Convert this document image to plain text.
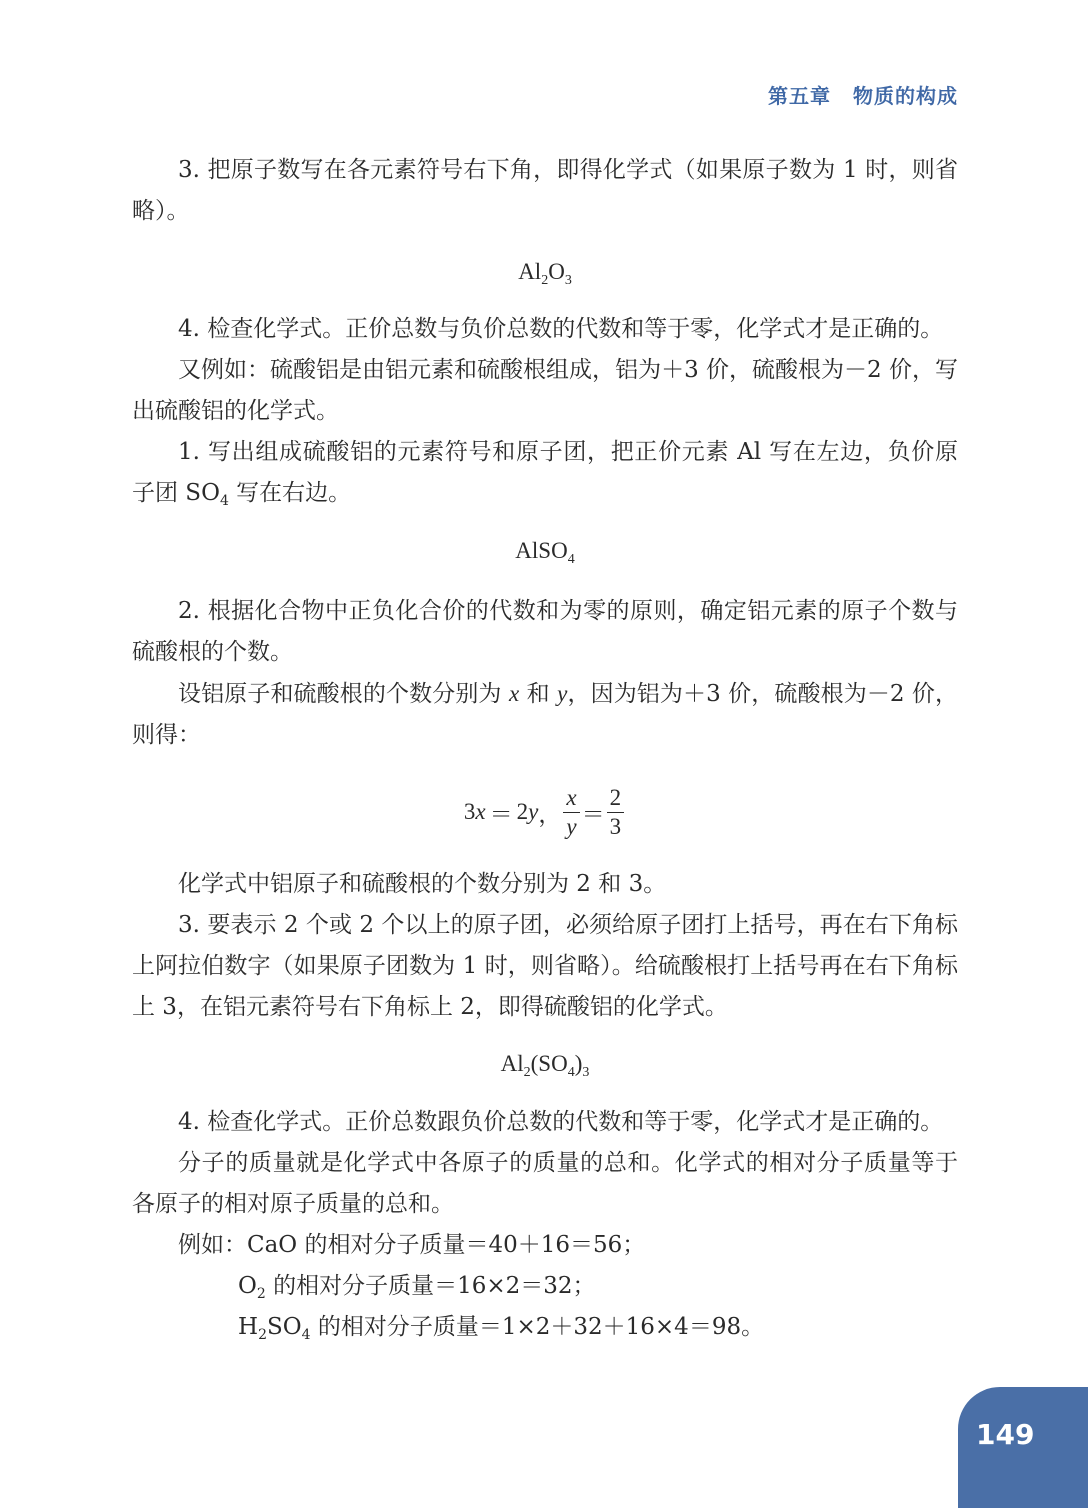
第五章 物质的构成

3. 把原子数写在各元素符号右下角，即得化学式（如果原子数为 1 时，则省略）。

$Al_2O_3$

4. 检查化学式。正价总数与负价总数的代数和等于零，化学式才是正确的。

又例如：硫酸铝是由铝元素和硫酸根组成，铝为＋3 价，硫酸根为－2 价，写出硫酸铝的化学式。

1. 写出组成硫酸铝的元素符号和原子团，把正价元素 Al 写在左边，负价原子团 $SO_4$ 写在右边。

AlSO$_4$

2. 根据化合物中正负化合价的代数和为零的原则，确定铝元素的原子个数与硫酸根的个数。

设铝原子和硫酸根的个数分别为 x 和 y，因为铝为＋3 价，硫酸根为－2 价，则得：

3 x ＝ 2 y ， $\frac{x}{y} = \frac{2}{3}$

化学式中铝原子和硫酸根的个数分别为 2 和 3。

3. 要表示 2 个或 2 个以上的原子团，必须给原子团打上括号，再在右下角标上阿拉伯数字（如果原子团数为 1 时，则省略）。给硫酸根打上括号再在右下角标上 3，在铝元素符号右下角标上 2，即得硫酸铝的化学式。

$Al_2(SO_4)_3$

4. 检查化学式。正价总数跟负价总数的代数和等于零，化学式才是正确的。

分子的质量就是化学式中各原子的质量的总和。化学式的相对分子质量等于各原子的相对原子质量的总和。

例如：CaO 的相对分子质量＝40＋16＝56；

$O_2$ 的相对分子质量＝16×2＝32；

$H_2SO_4$ 的相对分子质量＝1×2＋32＋16×4＝98。

149
